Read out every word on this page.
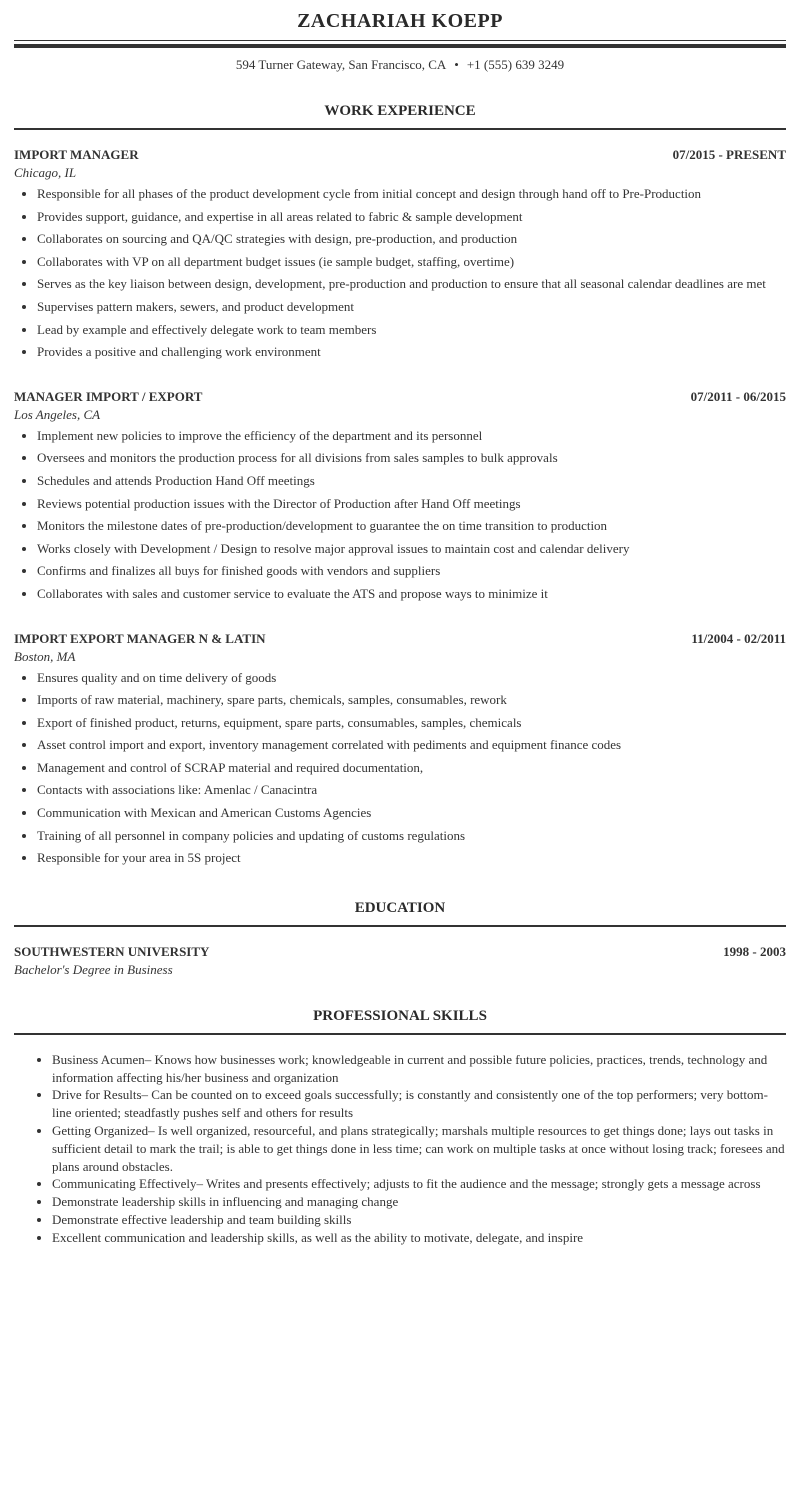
ZACHARIAH KOEPP
594 Turner Gateway, San Francisco, CA • +1 (555) 639 3249
WORK EXPERIENCE
IMPORT MANAGER	07/2015 - PRESENT
Chicago, IL
• Responsible for all phases of the product development cycle from initial concept and design through hand off to Pre-Production
• Provides support, guidance, and expertise in all areas related to fabric & sample development
• Collaborates on sourcing and QA/QC strategies with design, pre-production, and production
• Collaborates with VP on all department budget issues (ie sample budget, staffing, overtime)
• Serves as the key liaison between design, development, pre-production and production to ensure that all seasonal calendar deadlines are met
• Supervises pattern makers, sewers, and product development
• Lead by example and effectively delegate work to team members
• Provides a positive and challenging work environment
MANAGER IMPORT / EXPORT	07/2011 - 06/2015
Los Angeles, CA
• Implement new policies to improve the efficiency of the department and its personnel
• Oversees and monitors the production process for all divisions from sales samples to bulk approvals
• Schedules and attends Production Hand Off meetings
• Reviews potential production issues with the Director of Production after Hand Off meetings
• Monitors the milestone dates of pre-production/development to guarantee the on time transition to production
• Works closely with Development / Design to resolve major approval issues to maintain cost and calendar delivery
• Confirms and finalizes all buys for finished goods with vendors and suppliers
• Collaborates with sales and customer service to evaluate the ATS and propose ways to minimize it
IMPORT EXPORT MANAGER N & LATIN	11/2004 - 02/2011
Boston, MA
• Ensures quality and on time delivery of goods
• Imports of raw material, machinery, spare parts, chemicals, samples, consumables, rework
• Export of finished product, returns, equipment, spare parts, consumables, samples, chemicals
• Asset control import and export, inventory management correlated with pediments and equipment finance codes
• Management and control of SCRAP material and required documentation,
• Contacts with associations like: Amenlac / Canacintra
• Communication with Mexican and American Customs Agencies
• Training of all personnel in company policies and updating of customs regulations
• Responsible for your area in 5S project
EDUCATION
SOUTHWESTERN UNIVERSITY	1998 - 2003
Bachelor's Degree in Business
PROFESSIONAL SKILLS
• Business Acumen– Knows how businesses work; knowledgeable in current and possible future policies, practices, trends, technology and information affecting his/her business and organization
• Drive for Results– Can be counted on to exceed goals successfully; is constantly and consistently one of the top performers; very bottom-line oriented; steadfastly pushes self and others for results
• Getting Organized– Is well organized, resourceful, and plans strategically; marshals multiple resources to get things done; lays out tasks in sufficient detail to mark the trail; is able to get things done in less time; can work on multiple tasks at once without losing track; foresees and plans around obstacles.
• Communicating Effectively– Writes and presents effectively; adjusts to fit the audience and the message; strongly gets a message across
• Demonstrate leadership skills in influencing and managing change
• Demonstrate effective leadership and team building skills
• Excellent communication and leadership skills, as well as the ability to motivate, delegate, and inspire
